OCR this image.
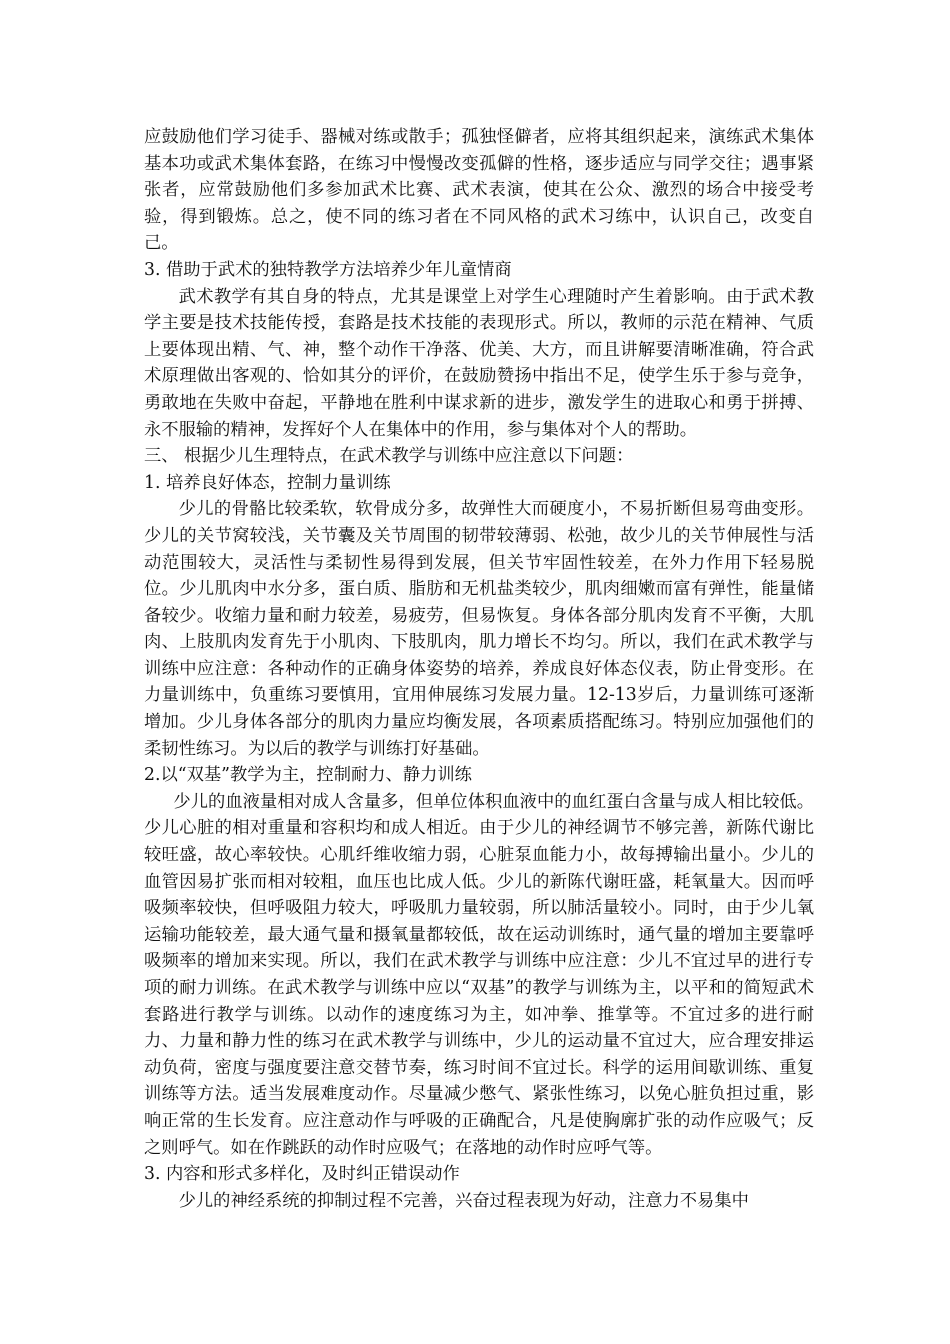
应鼓励他们学习徒手、器械对练或散手；孤独怪僻者，应将其组织起来，演练武术集体基本功或武术集体套路，在练习中慢慢改变孤僻的性格，逐步适应与同学交往；遇事紧张者，应常鼓励他们多参加武术比赛、武术表演，使其在公众、激烈的场合中接受考验，得到锻炼。总之，使不同的练习者在不同风格的武术习练中，认识自己，改变自己。

3. 借助于武术的独特教学方法培养少年儿童情商

武术教学有其自身的特点，尤其是课堂上对学生心理随时产生着影响。由于武术教学主要是技术技能传授，套路是技术技能的表现形式。所以，教师的示范在精神、气质上要体现出精、气、神，整个动作干净落、优美、大方，而且讲解要清晰准确，符合武术原理做出客观的、恰如其分的评价，在鼓励赞扬中指出不足，使学生乐于参与竞争，勇敢地在失败中奋起，平静地在胜利中谋求新的进步，激发学生的进取心和勇于拼搏、永不服输的精神，发挥好个人在集体中的作用，参与集体对个人的帮助。

三、 根据少儿生理特点，在武术教学与训练中应注意以下问题：

1. 培养良好体态，控制力量训练

少儿的骨骼比较柔软，软骨成分多，故弹性大而硬度小，不易折断但易弯曲变形。少儿的关节窝较浅，关节囊及关节周围的韧带较薄弱、松弛，故少儿的关节伸展性与活动范围较大，灵活性与柔韧性易得到发展，但关节牢固性较差，在外力作用下轻易脱位。少儿肌肉中水分多，蛋白质、脂肪和无机盐类较少，肌肉细嫩而富有弹性，能量储备较少。收缩力量和耐力较差，易疲劳，但易恢复。身体各部分肌肉发育不平衡，大肌肉、上肢肌肉发育先于小肌肉、下肢肌肉，肌力增长不均匀。所以，我们在武术教学与训练中应注意：各种动作的正确身体姿势的培养，养成良好体态仪表，防止骨变形。在力量训练中，负重练习要慎用，宜用伸展练习发展力量。12-13岁后，力量训练可逐渐增加。少儿身体各部分的肌肉力量应均衡发展，各项素质搭配练习。特别应加强他们的柔韧性练习。为以后的教学与训练打好基础。

2.以“双基”教学为主，控制耐力、静力训练

少儿的血液量相对成人含量多，但单位体积血液中的血红蛋白含量与成人相比较低。少儿心脏的相对重量和容积均和成人相近。由于少儿的神经调节不够完善，新陈代谢比较旺盛，故心率较快。心肌纤维收缩力弱，心脏泵血能力小，故每搏输出量小。少儿的血管因易扩张而相对较粗，血压也比成人低。少儿的新陈代谢旺盛，耗氧量大。因而呼吸频率较快，但呼吸阻力较大，呼吸肌力量较弱，所以肺活量较小。同时，由于少儿氧运输功能较差，最大通气量和摄氧量都较低，故在运动训练时，通气量的增加主要靠呼吸频率的增加来实现。所以，我们在武术教学与训练中应注意：少儿不宜过早的进行专项的耐力训练。在武术教学与训练中应以“双基”的教学与训练为主，以平和的简短武术套路进行教学与训练。以动作的速度练习为主，如冲拳、推掌等。不宜过多的进行耐力、力量和静力性的练习在武术教学与训练中，少儿的运动量不宜过大，应合理安排运动负荷，密度与强度要注意交替节奏，练习时间不宜过长。科学的运用间歇训练、重复训练等方法。适当发展难度动作。尽量减少憋气、紧张性练习，以免心脏负担过重，影响正常的生长发育。应注意动作与呼吸的正确配合，凡是使胸廓扩张的动作应吸气；反之则呼气。如在作跳跃的动作时应吸气；在落地的动作时应呼气等。

3. 内容和形式多样化，及时纠正错误动作

少儿的神经系统的抑制过程不完善，兴奋过程表现为好动，注意力不易集中
